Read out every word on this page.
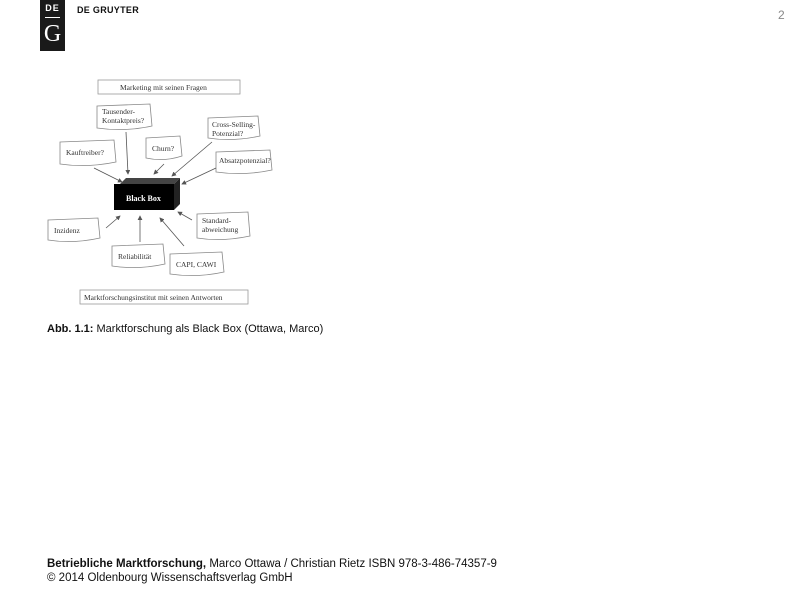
DE
G
DE GRUYTER	2
Marketing mit seinen Fragen
Marktforschungsinstitut mit seinen Antworten
Black Box
Tausender-Kontaktpreis?	Cross-Selling-Potenzial?
Churn?
Kauftreiber?
Absatzpotenzial?
Inzidenz
Standard-abweichung
Reliabilität
CAPI, CAWI
Abb. 1.1: Marktforschung als Black Box (Ottawa, Marco)
Betriebliche Marktforschung, Marco Ottawa / Christian Rietz ISBN 978-3-486-74357-9
© 2014 Oldenbourg Wissenschaftsverlag GmbH
